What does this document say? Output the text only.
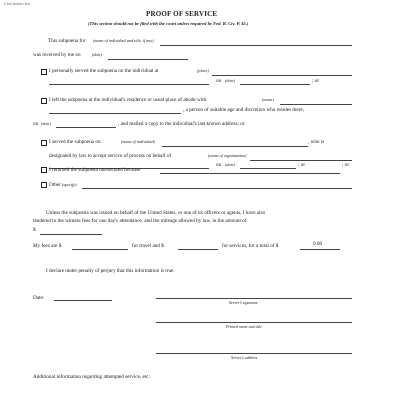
Civil Action No.
PROOF OF SERVICE
(This section should not be filed with the court unless required by Fed. R. Civ. P. 45.)
This subpoena for (name of individual and title, if any)
was received by me on	(date)
I personally served the subpoena on the individual at	(place)
on (date)	; or
I left the subpoena at the individual's residence or usual place of abode with	(name)
, a person of suitable age and discretion who resides there,
on (date)	, and mailed a copy to the individual's last known address; or
I served the subpoena on	(name of individual)	, who is
designated by law to accept service of process on behalf of	(name of organization)
on (date)	; or
I returned the subpoena unexecuted because
; or
Other (specify):
Unless the subpoena was issued on behalf of the United States, or one of its officers or agents, I have also
tendered to the witness fees for one day's attendance, and the mileage allowed by law, in the amount of
$
My fees are $	for travel and $	for services, for a total of $	0.00
I declare under penalty of perjury that this information is true.
Date:
Server's signature
Printed name and title
Server's address
Additional information regarding attempted service, etc:
